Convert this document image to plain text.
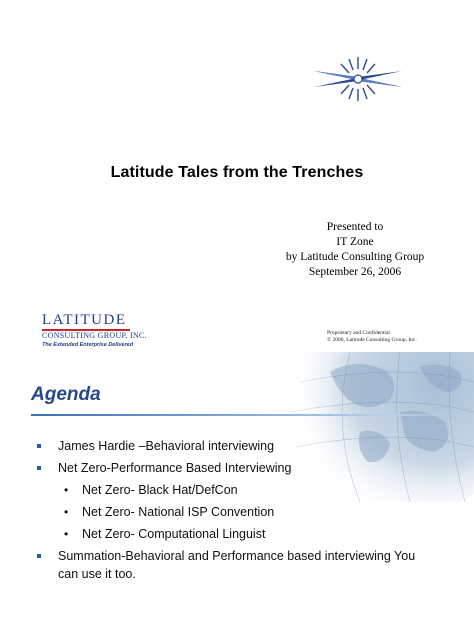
Latitude Tales from the Trenches
Presented to
IT Zone
by Latitude Consulting Group
September 26, 2006
LATITUDE
CONSULTING GROUP, INC.
The Extended Enterprise Delivered
Proprietary and Confidential
© 2006, Latitude Consulting Group, Inc.
Agenda
James Hardie –Behavioral interviewing
Net Zero-Performance Based Interviewing
• Net Zero- Black Hat/DefCon
• Net Zero- National ISP Convention
• Net Zero- Computational Linguist
Summation-Behavioral and Performance based interviewing You
can use it too.
